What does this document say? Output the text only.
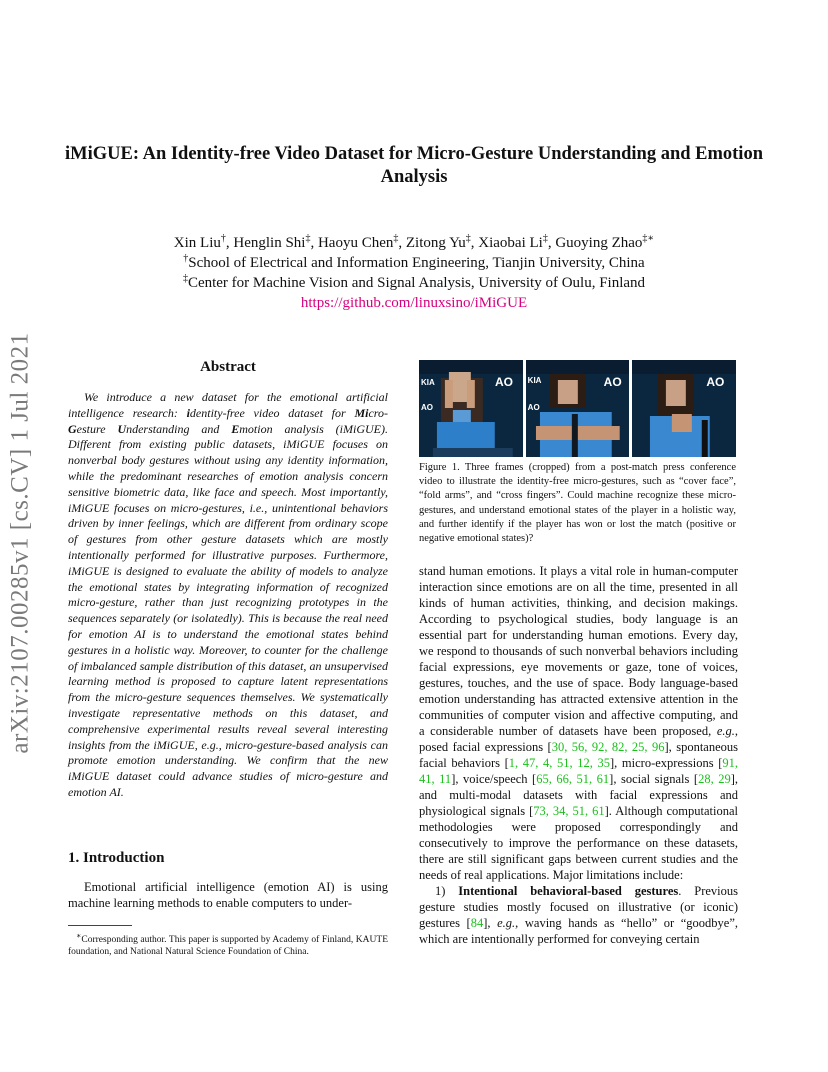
arXiv:2107.00285v1 [cs.CV] 1 Jul 2021
iMiGUE: An Identity-free Video Dataset for Micro-Gesture Understanding and Emotion Analysis
Xin Liu†, Henglin Shi‡, Haoyu Chen‡, Zitong Yu‡, Xiaobai Li‡, Guoying Zhao‡∗
†School of Electrical and Information Engineering, Tianjin University, China
‡Center for Machine Vision and Signal Analysis, University of Oulu, Finland
https://github.com/linuxsino/iMiGUE
Abstract
We introduce a new dataset for the emotional artificial intelligence research: identity-free video dataset for Micro-Gesture Understanding and Emotion analysis (iMiGUE). Different from existing public datasets, iMiGUE focuses on nonverbal body gestures without using any identity information, while the predominant researches of emotion analysis concern sensitive biometric data, like face and speech. Most importantly, iMiGUE focuses on micro-gestures, i.e., unintentional behaviors driven by inner feelings, which are different from ordinary scope of gestures from other gesture datasets which are mostly intentionally performed for illustrative purposes. Furthermore, iMiGUE is designed to evaluate the ability of models to analyze the emotional states by integrating information of recognized micro-gesture, rather than just recognizing prototypes in the sequences separately (or isolatedly). This is because the real need for emotion AI is to understand the emotional states behind gestures in a holistic way. Moreover, to counter for the challenge of imbalanced sample distribution of this dataset, an unsupervised learning method is proposed to capture latent representations from the micro-gesture sequences themselves. We systematically investigate representative methods on this dataset, and comprehensive experimental results reveal several interesting insights from the iMiGUE, e.g., micro-gesture-based analysis can promote emotion understanding. We confirm that the new iMiGUE dataset could advance studies of micro-gesture and emotion AI.
1. Introduction
Emotional artificial intelligence (emotion AI) is using machine learning methods to enable computers to under-
∗Corresponding author. This paper is supported by Academy of Finland, KAUTE foundation, and National Natural Science Foundation of China.
KIA	AO
AO
KIA	AO
AO
AO
Figure 1. Three frames (cropped) from a post-match press conference video to illustrate the identity-free micro-gestures, such as “cover face”, “fold arms”, and “cross fingers”. Could machine recognize these micro-gestures, and understand emotional states of the player in a holistic way, and further identify if the player has won or lost the match (positive or negative emotional states)?
stand human emotions. It plays a vital role in human-computer interaction since emotions are on all the time, presented in all kinds of human activities, thinking, and decision makings. According to psychological studies, body language is an essential part for understanding human emotions. Every day, we respond to thousands of such nonverbal behaviors including facial expressions, eye movements or gaze, tone of voices, gestures, touches, and the use of space. Body language-based emotion understanding has attracted extensive attention in the communities of computer vision and affective computing, and a considerable number of datasets have been proposed, e.g., posed facial expressions [30, 56, 92, 82, 25, 96], spontaneous facial behaviors [1, 47, 4, 51, 12, 35], micro-expressions [91, 41, 11], voice/speech [65, 66, 51, 61], social signals [28, 29], and multi-modal datasets with facial expressions and physiological signals [73, 34, 51, 61]. Although computational methodologies were proposed correspondingly and consecutively to improve the performance on these datasets, there are still significant gaps between current studies and the needs of real applications. Major limitations include:
1) Intentional behavioral-based gestures. Previous gesture studies mostly focused on illustrative (or iconic) gestures [84], e.g., waving hands as “hello” or “goodbye”, which are intentionally performed for conveying certain
